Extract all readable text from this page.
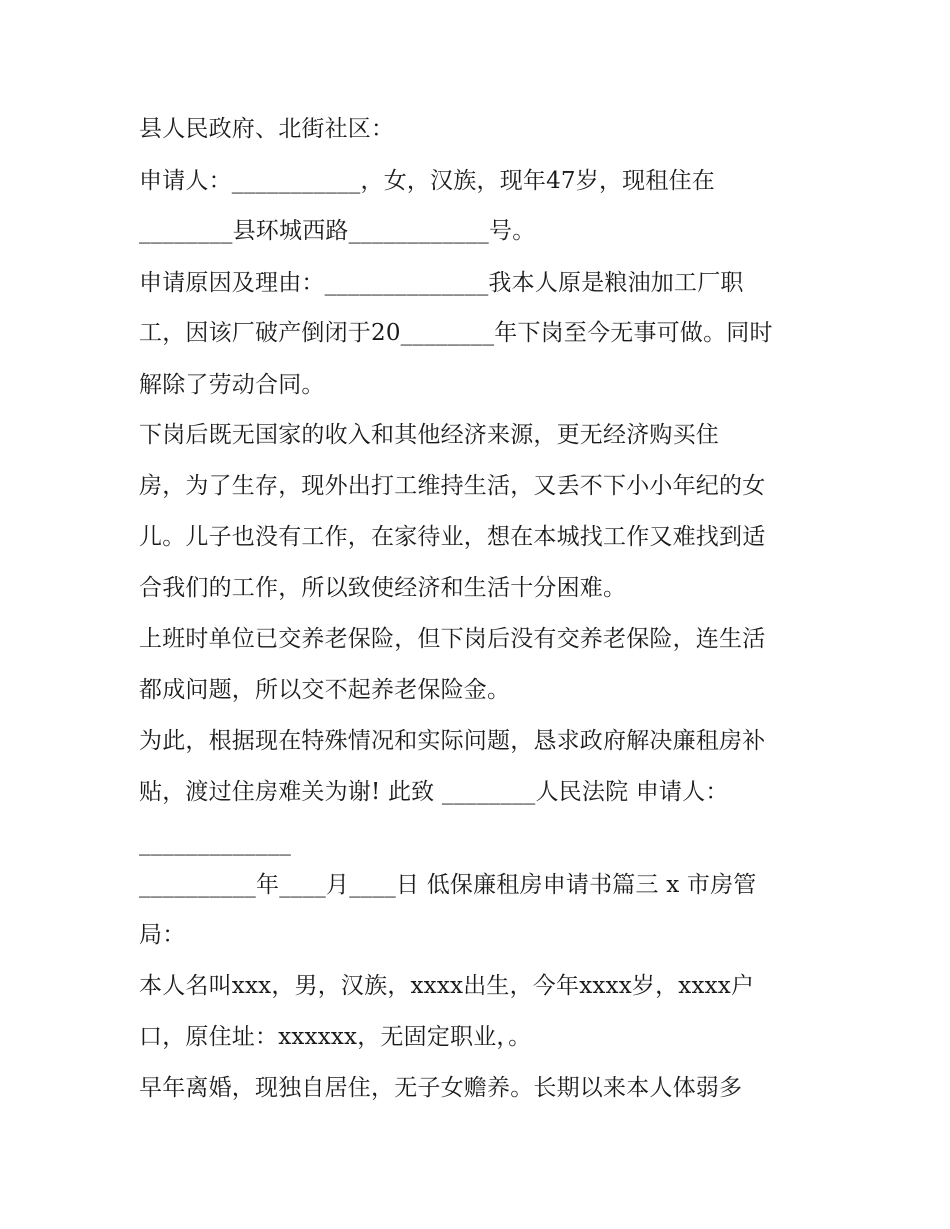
县人民政府、北街社区：
申请人：___________，女，汉族，现年47岁，现租住在
________县环城西路____________号。
申请原因及理由：______________我本人原是粮油加工厂职
工，因该厂破产倒闭于20________年下岗至今无事可做。同时
解除了劳动合同。
下岗后既无国家的收入和其他经济来源，更无经济购买住
房，为了生存，现外出打工维持生活，又丢不下小小年纪的女
儿。儿子也没有工作，在家待业，想在本城找工作又难找到适
合我们的工作，所以致使经济和生活十分困难。
上班时单位已交养老保险，但下岗后没有交养老保险，连生活
都成问题，所以交不起养老保险金。
为此，根据现在特殊情况和实际问题，恳求政府解决廉租房补
贴，渡过住房难关为谢! 此致 ________人民法院 申请人：
_____________
__________年____月____日 低保廉租房申请书篇三 x 市房管
局：
本人名叫xxx，男，汉族，xxxx出生，今年xxxx岁，xxxx户
口，原住址：xxxxxx，无固定职业，。
早年离婚，现独自居住，无子女赡养。长期以来本人体弱多
